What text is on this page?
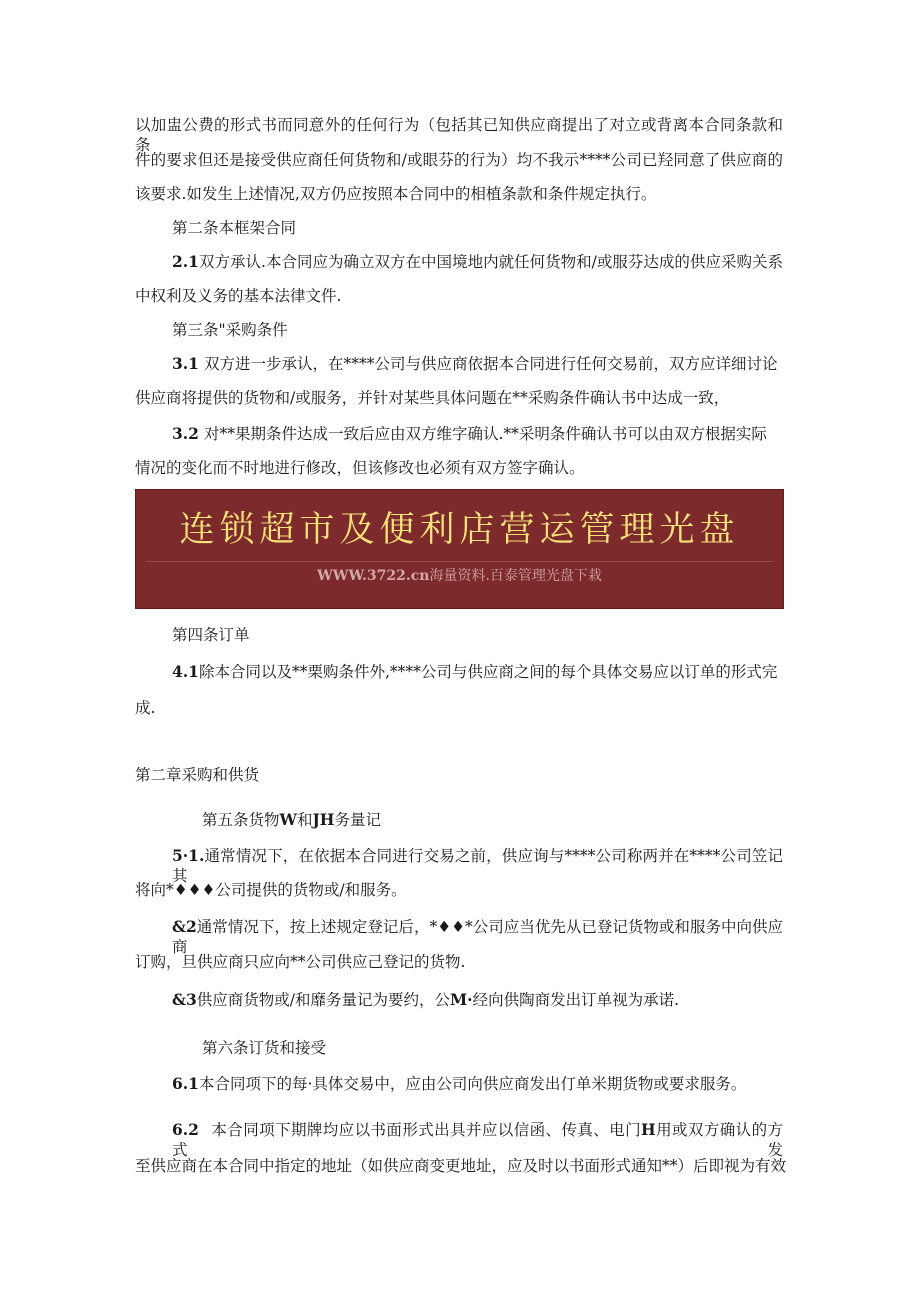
以加盅公费的形式书而同意外的任何行为（包括其已知供应商提出了对立或背离本合同条款和条
件的要求但还是接受供应商任何货物和/或眼芬的行为）均不我示****公司已羟同意了供应商的
该要求.如发生上述情况,双方仍应按照本合同中的相植条款和条件规定执行。
第二条本框架合同
2.1双方承认.本合同应为确立双方在中国境地内就任何货物和/或服芬达成的供应采购关系
中权利及义务的基本法律文件.
第三条"采购条件
3.1 双方进一步承认，在****公司与供应商依据本合同进行任何交易前，双方应详细讨论
供应商将提供的货物和/或服务，并针对某些具体问题在**采购条件确认书中达成一致，
3.2 对**果期条件达成一致后应由双方维字确认.**采明条件确认书可以由双方根据实际
情况的变化而不时地进行修改，但该修改也必须有双方签字确认。
连锁超市及便利店营运管理光盘
WWW.3722.cn海量资料.百泰管理光盘下栽
第四条订单
4.1除本合同以及**栗购条件外,****公司与供应商之间的每个具体交易应以订单的形式完
成.
第二章采购和供货
第五条货物W和JH务量记
5·1.通常情况下，在依据本合同进行交易之前，供应询与****公司称两并在****公司笠记其
将向*♦♦♦公司提供的货物或/和服务。
&2通常情况下，按上述规定登记后，*♦♦*公司应当优先从已登记货物或和服务中向供应商
订购，旦供应商只应向**公司供应己登记的货物.
&3供应商货物或/和靡务量记为要约，公M·经向供陶商发出订单视为承诺.
第六条订货和接受
6.1本合同项下的每·具体交易中，应由公司向供应商发出仃单米期货物或要求服务。
6.2 本合同项下期牌均应以书面形式出具并应以信函、传真、电门H用或双方确认的方式发
至供应商在本合同中指定的地址（如供应商变更地址，应及时以书面形式通知**）后即视为有效
